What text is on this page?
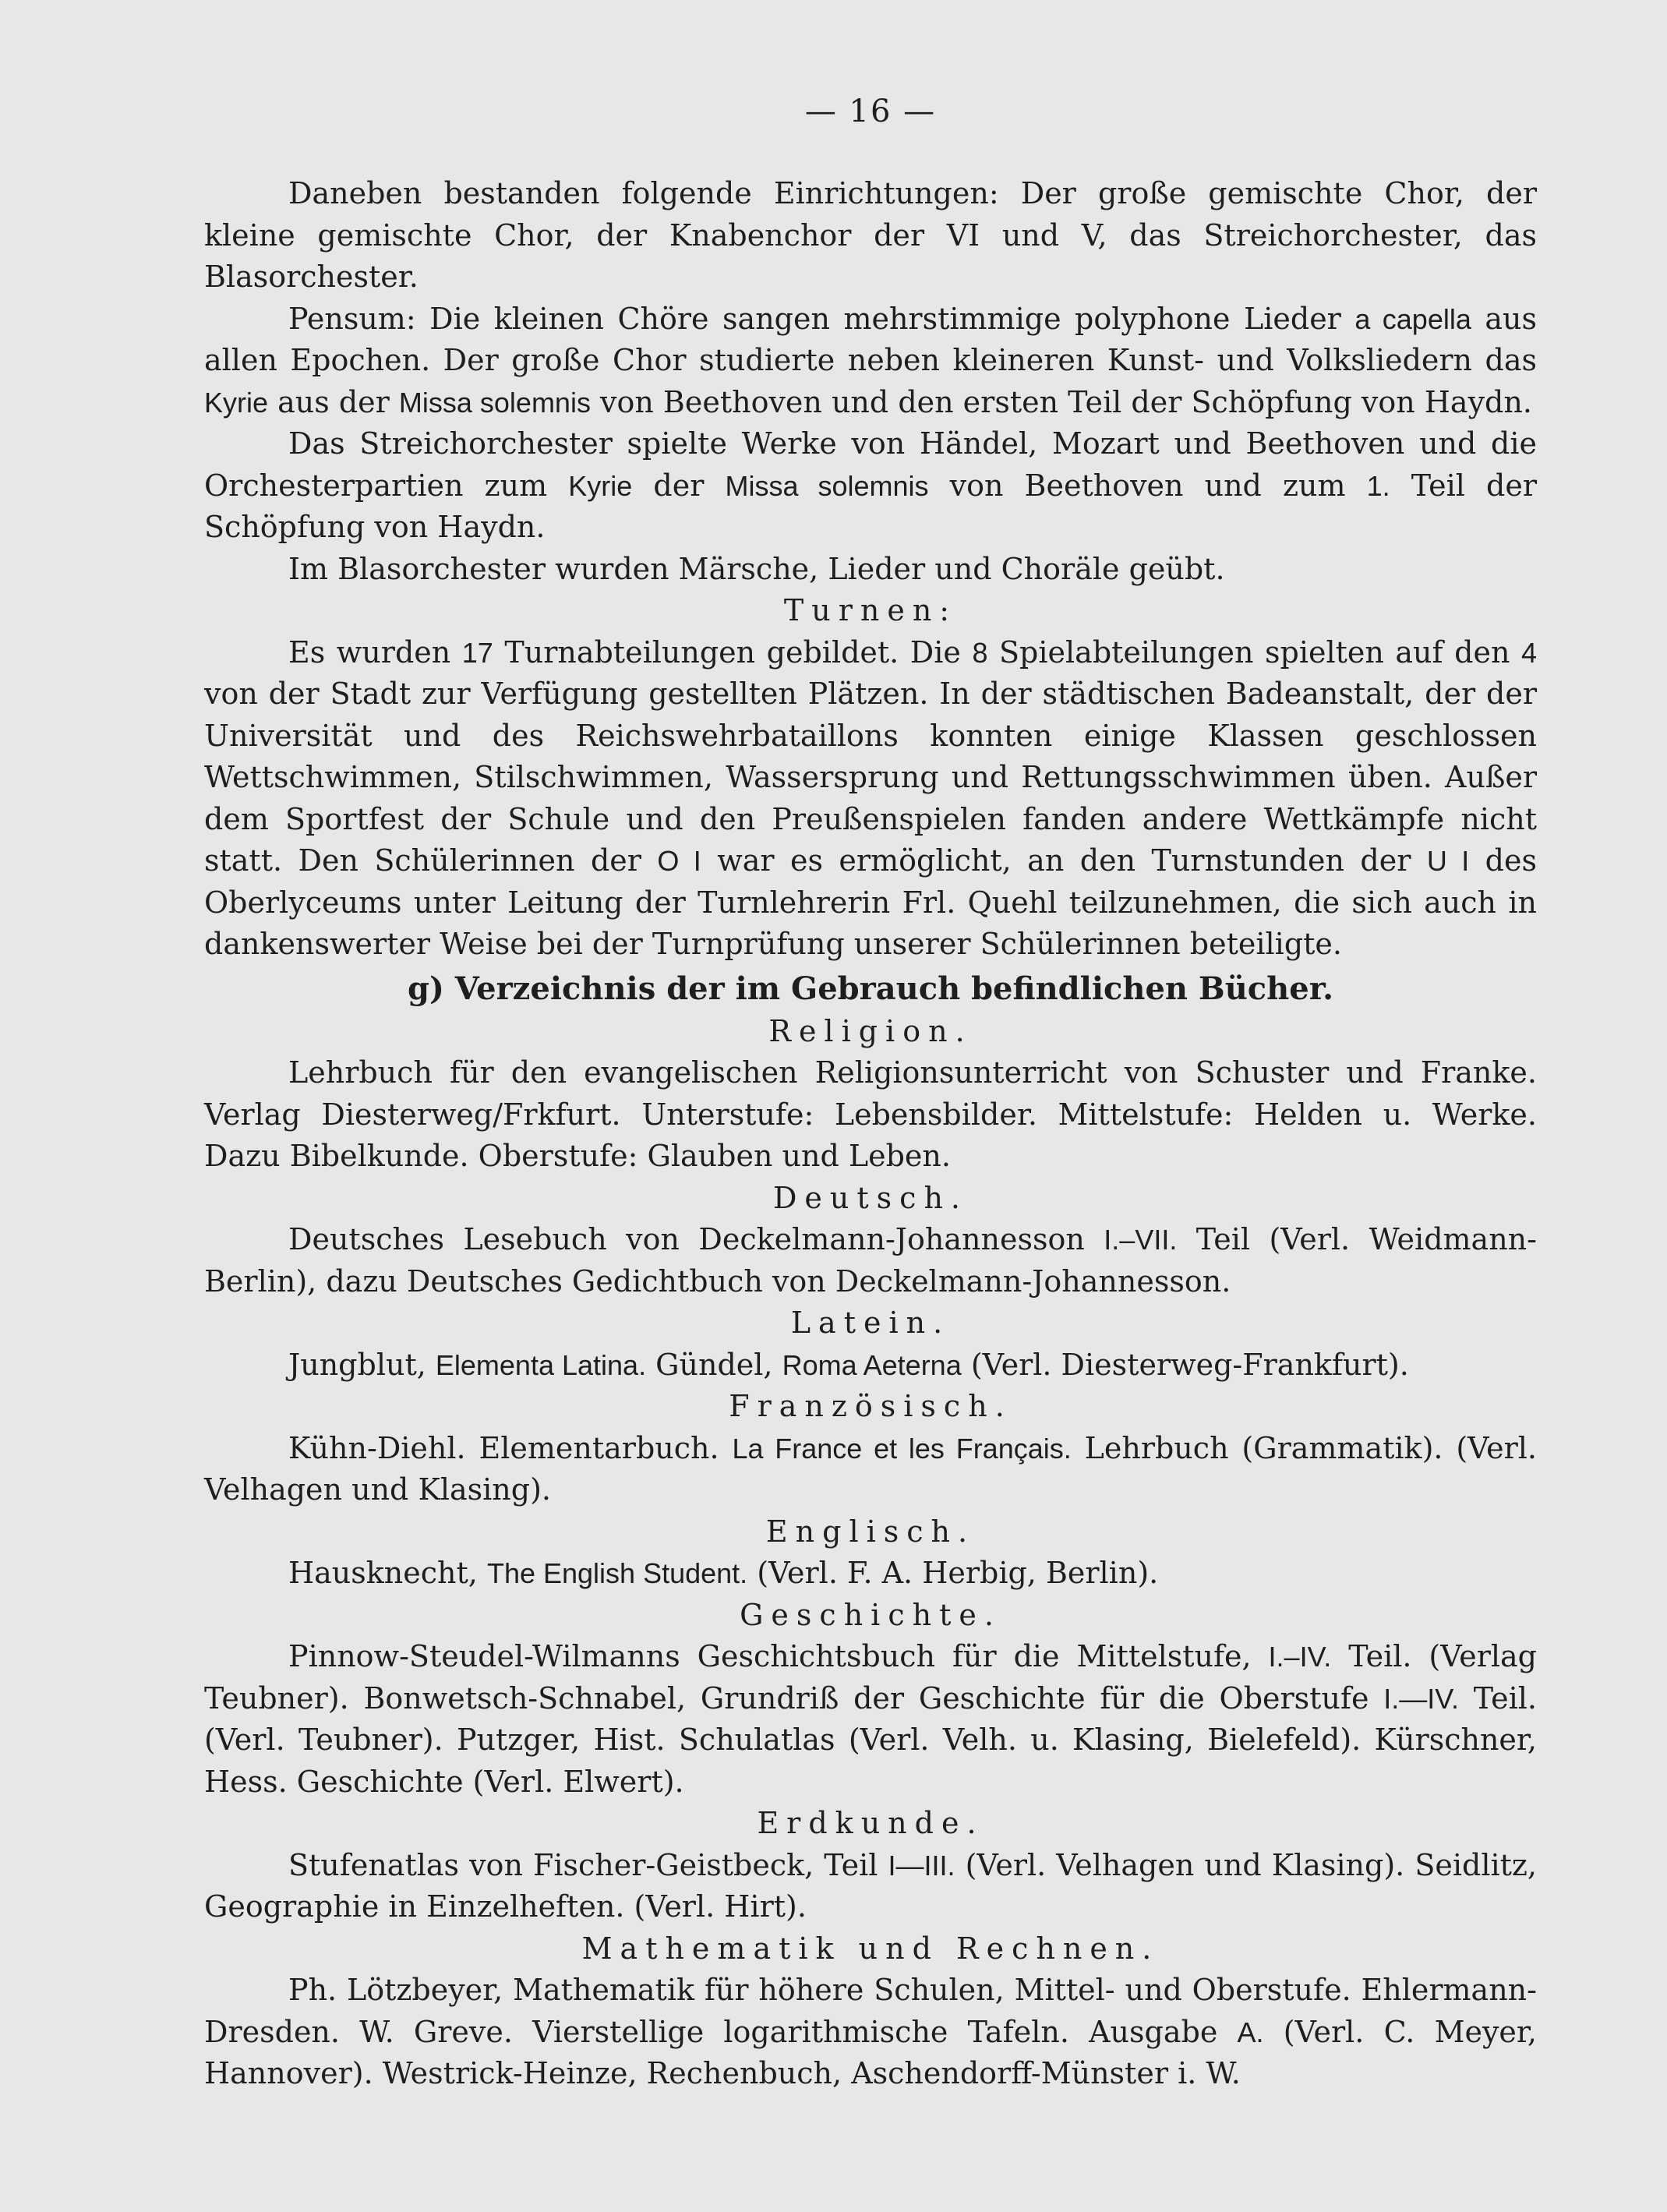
— 16 —

Daneben bestanden folgende Einrichtungen: Der große gemischte Chor, der kleine gemischte Chor, der Knabenchor der VI und V, das Streichorchester, das Blasorchester.

Pensum: Die kleinen Chöre sangen mehrstimmige polyphone Lieder a capella aus allen Epochen. Der große Chor studierte neben kleineren Kunst- und Volksliedern das Kyrie aus der Missa solemnis von Beethoven und den ersten Teil der Schöpfung von Haydn.

Das Streichorchester spielte Werke von Händel, Mozart und Beethoven und die Orchesterpartien zum Kyrie der Missa solemnis von Beethoven und zum 1. Teil der Schöpfung von Haydn.

Im Blasorchester wurden Märsche, Lieder und Choräle geübt.

Turnen:

Es wurden 17 Turnabteilungen gebildet. Die 8 Spielabteilungen spielten auf den 4 von der Stadt zur Verfügung gestellten Plätzen. In der städtischen Badeanstalt, der der Universität und des Reichswehrbataillons konnten einige Klassen geschlossen Wettschwimmen, Stilschwimmen, Wassersprung und Rettungsschwimmen üben. Außer dem Sportfest der Schule und den Preußenspielen fanden andere Wettkämpfe nicht statt. Den Schülerinnen der O I war es ermöglicht, an den Turnstunden der U I des Oberlyceums unter Leitung der Turnlehrerin Frl. Quehl teilzunehmen, die sich auch in dankenswerter Weise bei der Turnprüfung unserer Schülerinnen beteiligte.

g) Verzeichnis der im Gebrauch befindlichen Bücher.
Religion.

Lehrbuch für den evangelischen Religionsunterricht von Schuster und Franke. Verlag Diesterweg/Frkfurt. Unterstufe: Lebensbilder. Mittelstufe: Helden u. Werke. Dazu Bibelkunde. Oberstufe: Glauben und Leben.

Deutsch.

Deutsches Lesebuch von Deckelmann-Johannesson I.–VII. Teil (Verl. Weidmann-Berlin), dazu Deutsches Gedichtbuch von Deckelmann-Johannesson.

Latein.

Jungblut, Elementa Latina. Gündel, Roma Aeterna (Verl. Diesterweg-Frankfurt).

Französisch.

Kühn-Diehl. Elementarbuch. La France et les Français. Lehrbuch (Grammatik). (Verl. Velhagen und Klasing).

Englisch.

Hausknecht, The English Student. (Verl. F. A. Herbig, Berlin).

Geschichte.

Pinnow-Steudel-Wilmanns Geschichtsbuch für die Mittelstufe, I.–IV. Teil. (Verlag Teubner). Bonwetsch-Schnabel, Grundriß der Geschichte für die Oberstufe I.—IV. Teil. (Verl. Teubner). Putzger, Hist. Schulatlas (Verl. Velh. u. Klasing, Bielefeld). Kürschner, Hess. Geschichte (Verl. Elwert).

Erdkunde.

Stufenatlas von Fischer-Geistbeck, Teil I—III. (Verl. Velhagen und Klasing). Seidlitz, Geographie in Einzelheften. (Verl. Hirt).

Mathematik und Rechnen.

Ph. Lötzbeyer, Mathematik für höhere Schulen, Mittel- und Oberstufe. Ehlermann-Dresden. W. Greve. Vierstellige logarithmische Tafeln. Ausgabe A. (Verl. C. Meyer, Hannover). Westrick-Heinze, Rechenbuch, Aschendorff-Münster i. W.
